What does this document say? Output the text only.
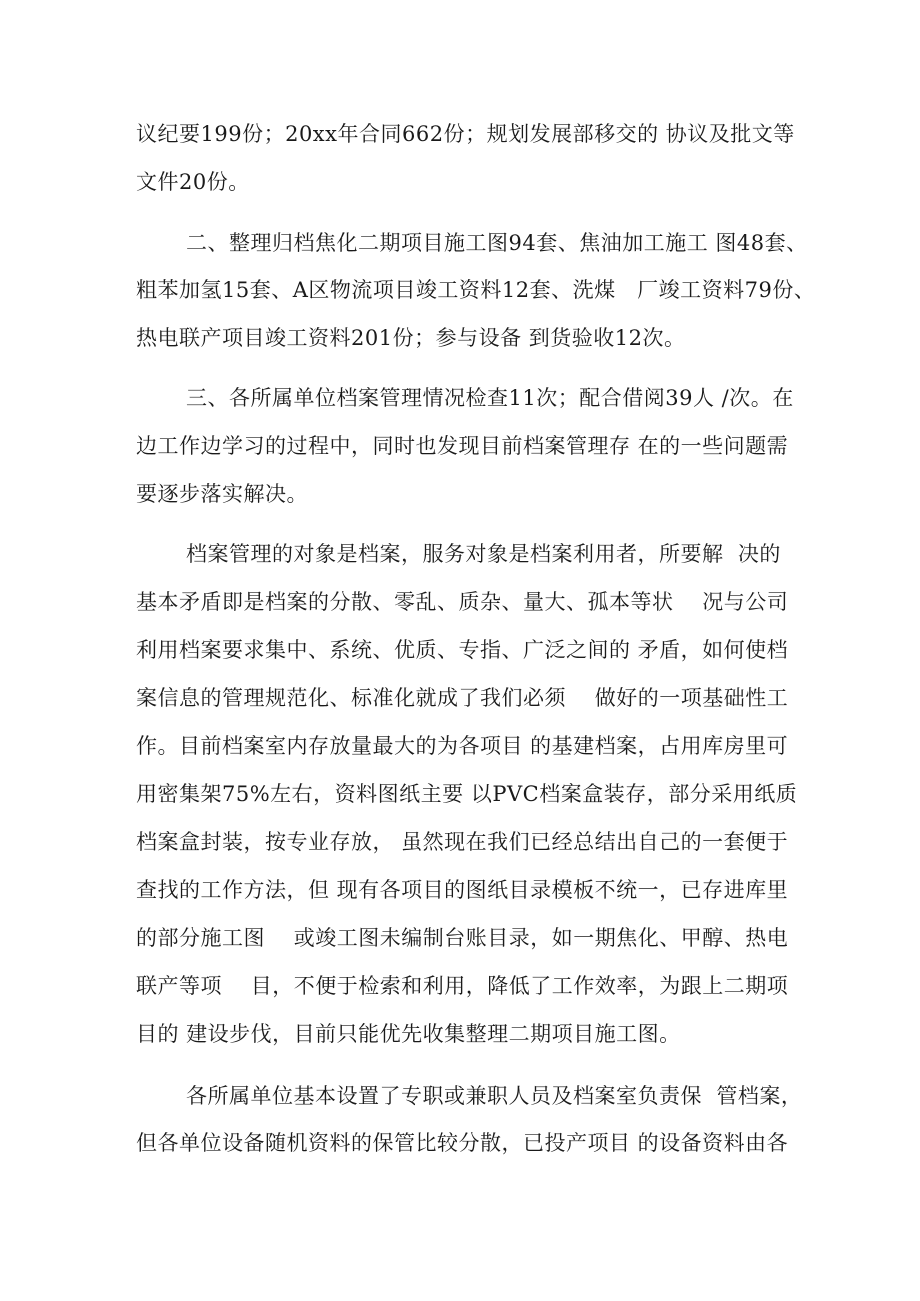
议纪要199份；20xx年合同662份；规划发展部移交的 协议及批文等
文件20份。
二、整理归档焦化二期项目施工图94套、焦油加工施工 图48套、
粗苯加氢15套、A区物流项目竣工资料12套、洗煤   厂竣工资料79份、
热电联产项目竣工资料201份；参与设备 到货验收12次。
三、各所属单位档案管理情况检查11次；配合借阅39人 /次。在
边工作边学习的过程中，同时也发现目前档案管理存 在的一些问题需
要逐步落实解决。
档案管理的对象是档案，服务对象是档案利用者，所要解  决的
基本矛盾即是档案的分散、零乱、质杂、量大、孤本等状    况与公司
利用档案要求集中、系统、优质、专指、广泛之间的 矛盾，如何使档
案信息的管理规范化、标准化就成了我们必须    做好的一项基础性工
作。目前档案室内存放量最大的为各项目 的基建档案，占用库房里可
用密集架75%左右，资料图纸主要 以PVC档案盒装存，部分采用纸质
档案盒封装，按专业存放， 虽然现在我们已经总结出自己的一套便于
查找的工作方法，但 现有各项目的图纸目录模板不统一，已存进库里
的部分施工图    或竣工图未编制台账目录，如一期焦化、甲醇、热电
联产等项    目，不便于检索和利用，降低了工作效率，为跟上二期项
目的 建设步伐，目前只能优先收集整理二期项目施工图。
各所属单位基本设置了专职或兼职人员及档案室负责保  管档案，
但各单位设备随机资料的保管比较分散，已投产项目 的设备资料由各
